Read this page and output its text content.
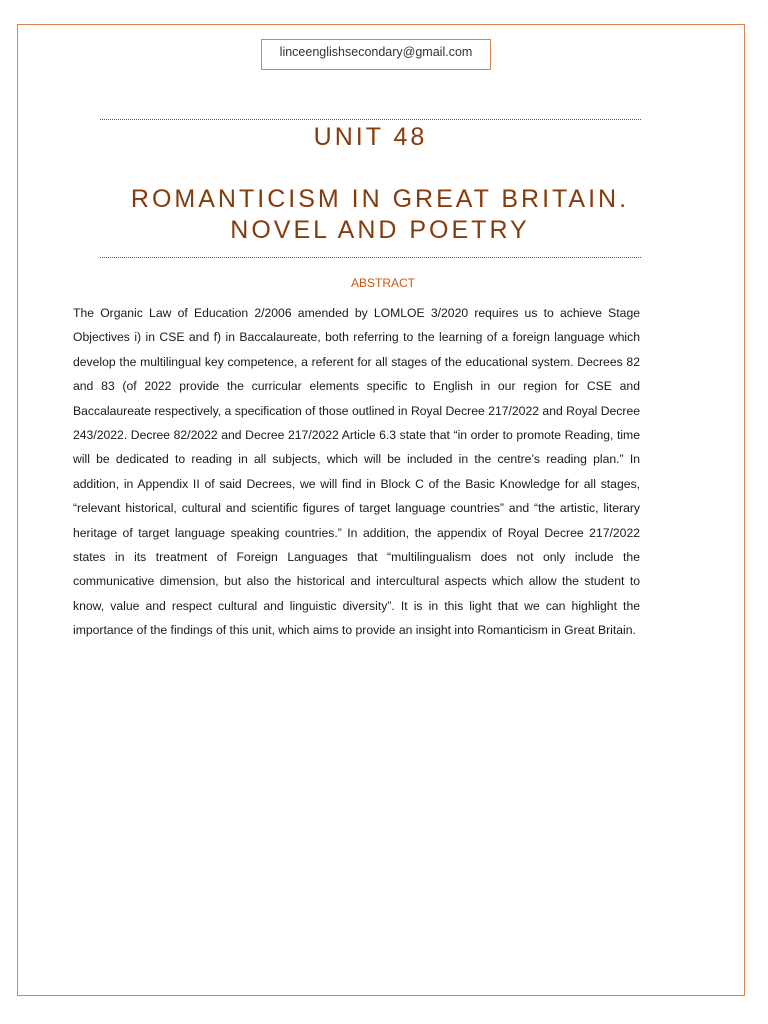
linceenglishsecondary@gmail.com
UNIT 48
ROMANTICISM IN GREAT BRITAIN.
NOVEL AND POETRY
ABSTRACT

The Organic Law of Education 2/2006 amended by LOMLOE 3/2020 requires us to achieve Stage Objectives i) in CSE and f) in Baccalaureate, both referring to the learning of a foreign language which develop the multilingual key competence, a referent for all stages of the educational system. Decrees 82 and 83 (of 2022 provide the curricular elements specific to English in our region for CSE and Baccalaureate respectively, a specification of those outlined in Royal Decree 217/2022 and Royal Decree 243/2022. Decree 82/2022 and Decree 217/2022 Article 6.3 state that “in order to promote Reading, time will be dedicated to reading in all subjects, which will be included in the centre’s reading plan.” In addition, in Appendix II of said Decrees, we will find in Block C of the Basic Knowledge for all stages, “relevant historical, cultural and scientific figures of target language countries” and “the artistic, literary heritage of target language speaking countries.” In addition, the appendix of Royal Decree 217/2022 states in its treatment of Foreign Languages that “multilingualism does not only include the communicative dimension, but also the historical and intercultural aspects which allow the student to know, value and respect cultural and linguistic diversity”. It is in this light that we can highlight the importance of the findings of this unit, which aims to provide an insight into Romanticism in Great Britain.
